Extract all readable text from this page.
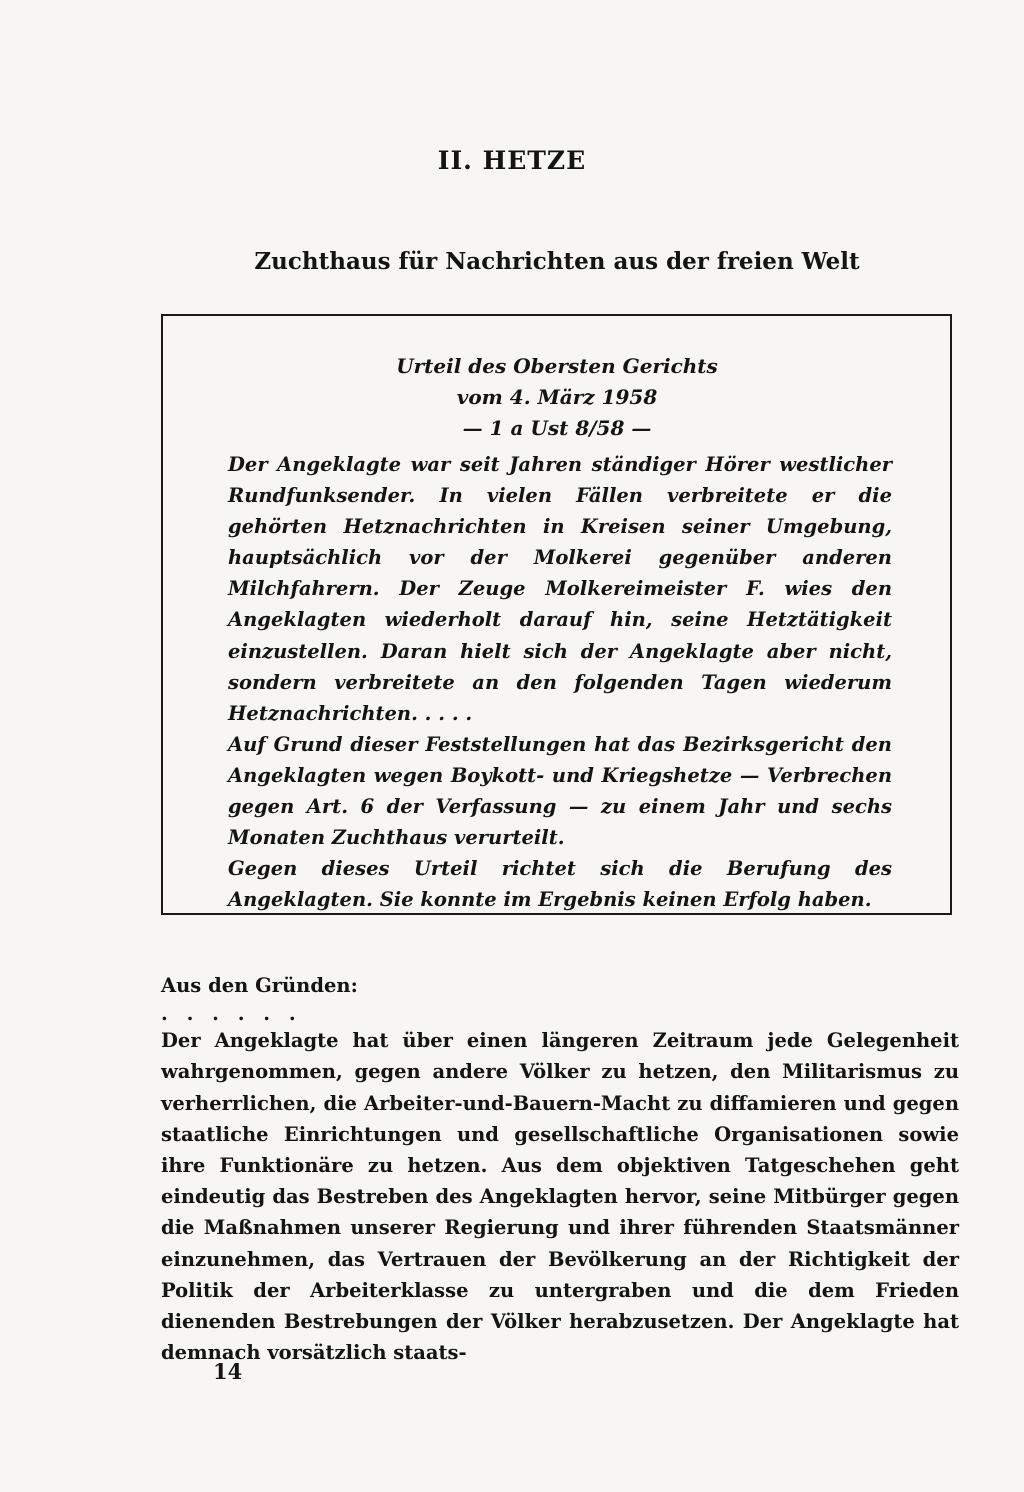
II. HETZE
Zuchthaus für Nachrichten aus der freien Welt
Urteil des Obersten Gerichts
vom 4. März 1958
— 1 a Ust 8/58 —

Der Angeklagte war seit Jahren ständiger Hörer westlicher Rundfunksender. In vielen Fällen verbreitete er die gehörten Hetznachrichten in Kreisen seiner Umgebung, hauptsächlich vor der Molkerei gegenüber anderen Milchfahrern. Der Zeuge Molkereimeister F. wies den Angeklagten wiederholt darauf hin, seine Hetztätigkeit einzustellen. Daran hielt sich der Angeklagte aber nicht, sondern verbreitete an den folgenden Tagen wiederum Hetznachrichten. . . . .

Auf Grund dieser Feststellungen hat das Bezirksgericht den Angeklagten wegen Boykott- und Kriegshetze — Verbrechen gegen Art. 6 der Verfassung — zu einem Jahr und sechs Monaten Zuchthaus verurteilt.

Gegen dieses Urteil richtet sich die Berufung des Angeklagten. Sie konnte im Ergebnis keinen Erfolg haben.

Aus den Gründen:

. . . . . .

Der Angeklagte hat über einen längeren Zeitraum jede Gelegenheit wahrgenommen, gegen andere Völker zu hetzen, den Militarismus zu verherrlichen, die Arbeiter-und-Bauern-Macht zu diffamieren und gegen staatliche Einrichtungen und gesellschaftliche Organisationen sowie ihre Funktionäre zu hetzen. Aus dem objektiven Tatgeschehen geht eindeutig das Bestreben des Angeklagten hervor, seine Mitbürger gegen die Maßnahmen unserer Regierung und ihrer führenden Staatsmänner einzunehmen, das Vertrauen der Bevölkerung an der Richtigkeit der Politik der Arbeiterklasse zu untergraben und die dem Frieden dienenden Bestrebungen der Völker herabzusetzen. Der Angeklagte hat demnach vorsätzlich staats-

14
